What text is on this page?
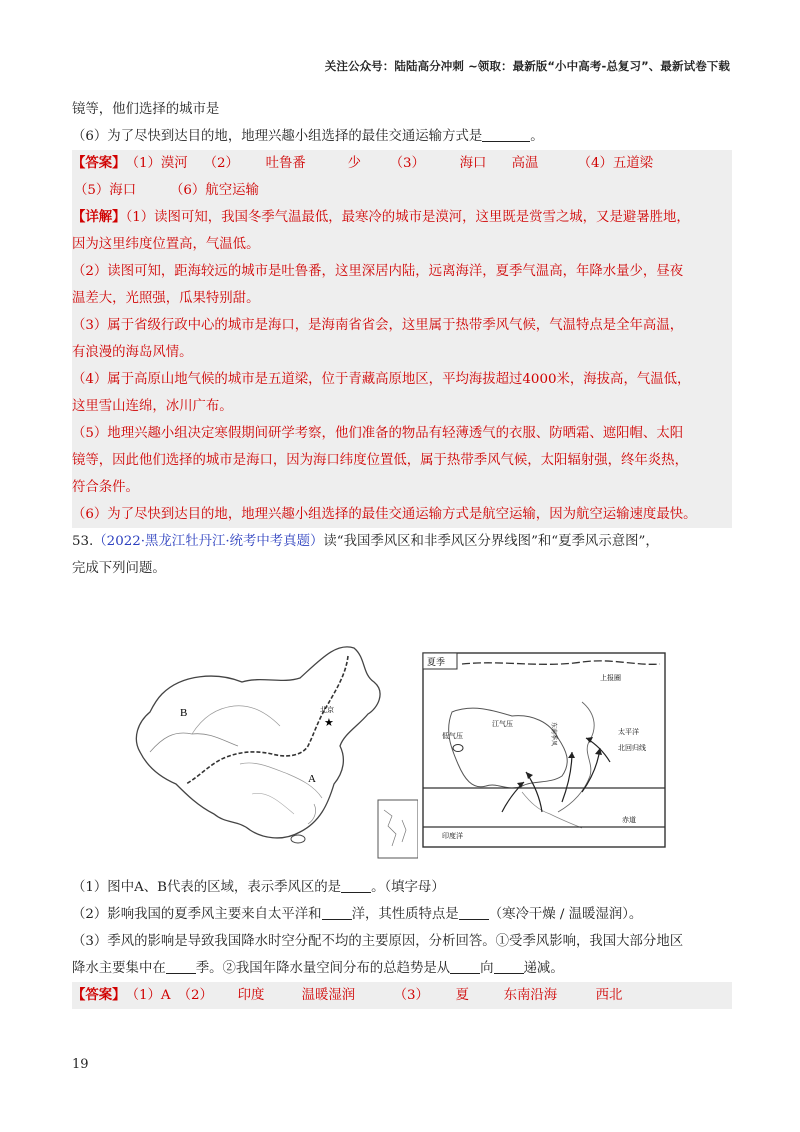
关注公众号：陆陆高分冲刺 ~领取：最新版“小中高考-总复习”、最新试卷下载
镜等，他们选择的城市是
（6）为了尽快到达目的地，地理兴趣小组选择的最佳交通运输方式是	。
【答案】（1）漠河 （2） 吐鲁番	少 （3）	海口 高温	（4）五道梁
（5）海口	（6）航空运输
【详解】（1）读图可知，我国冬季气温最低，最寒冷的城市是漠河，这里既是赏雪之城，又是避暑胜地，
因为这里纬度位置高，气温低。
（2）读图可知，距海较远的城市是吐鲁番，这里深居内陆，远离海洋，夏季气温高，年降水量少，昼夜
温差大，光照强，瓜果特别甜。
（3）属于省级行政中心的城市是海口，是海南省省会，这里属于热带季风气候，气温特点是全年高温，
有浪漫的海岛风情。
（4）属于高原山地气候的城市是五道梁，位于青藏高原地区，平均海拔超过4000米，海拔高，气温低，
这里雪山连绵，冰川广布。
（5）地理兴趣小组决定寒假期间研学考察，他们准备的物品有轻薄透气的衣服、防晒霜、遮阳帽、太阳
镜等，因此他们选择的城市是海口，因为海口纬度位置低，属于热带季风气候，太阳辐射强，终年炎热，
符合条件。
（6）为了尽快到达目的地，地理兴趣小组选择的最佳交通运输方式是航空运输，因为航空运输速度最快。
53.（2022·黑龙江牡丹江·统考中考真题）读“我国季风区和非季风区分界线图”和“夏季风示意图”，
完成下列问题。
B
A
北京
★
夏季
上报圈
江气压
低气压	太平洋
北回归线
赤道
印度洋
东南季风
（1）图中A、B代表的区域，表示季风区的是 。（填字母）
（2）影响我国的夏季风主要来自太平洋和 洋，其性质特点是 （寒冷干燥 / 温暖湿润）。
（3）季风的影响是导致我国降水时空分配不均的主要原因，分析回答。①受季风影响，我国大部分地区
降水主要集中在 季。②我国年降水量空间分布的总趋势是从 向 递减。
【答案】（1）A （2） 印度	温暖湿润	（3） 夏	东南沿海	西北
19
